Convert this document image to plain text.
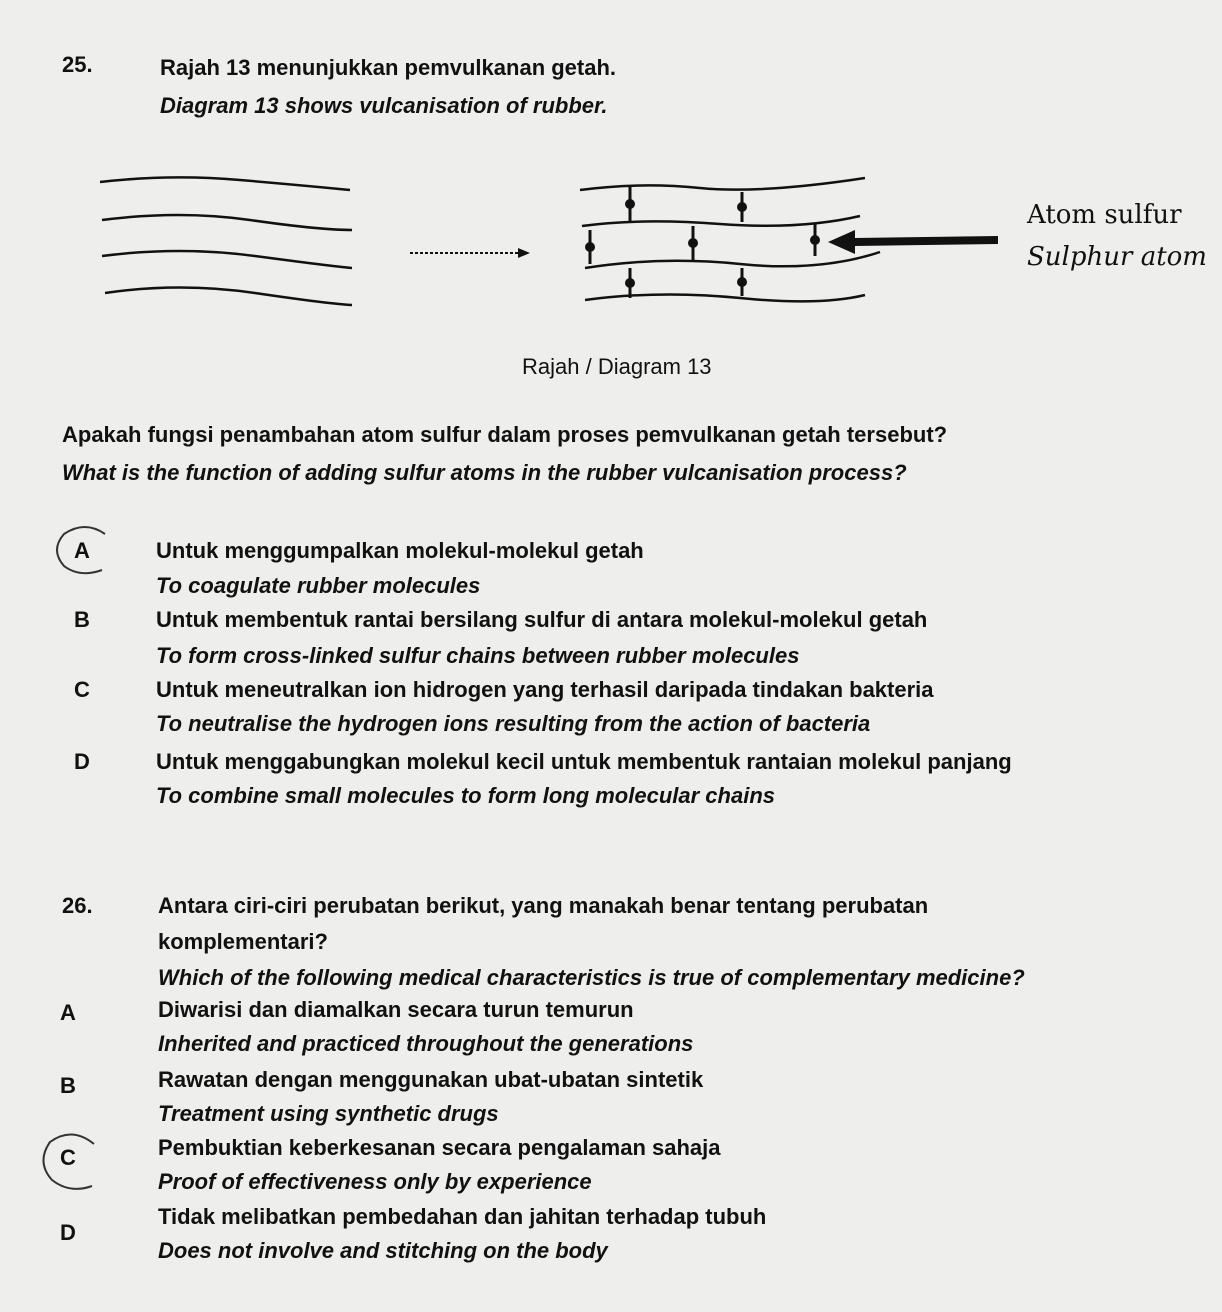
25.	Rajah 13 menunjukkan pemvulkanan getah.
Diagram 13 shows vulcanisation of rubber.
Atom sulfur
Sulphur atom
Rajah / Diagram 13
Apakah fungsi penambahan atom sulfur dalam proses pemvulkanan getah tersebut?
What is the function of adding sulfur atoms in the rubber vulcanisation process?
A	Untuk menggumpalkan molekul-molekul getah
To coagulate rubber molecules
B	Untuk membentuk rantai bersilang sulfur di antara molekul-molekul getah
To form cross-linked sulfur chains between rubber molecules
C	Untuk meneutralkan ion hidrogen yang terhasil daripada tindakan bakteria
To neutralise the hydrogen ions resulting from the action of bacteria
D	Untuk menggabungkan molekul kecil untuk membentuk rantaian molekul panjang
To combine small molecules to form long molecular chains
26.	Antara ciri-ciri perubatan berikut, yang manakah benar tentang perubatan
komplementari?
Which of the following medical characteristics is true of complementary medicine?
A	Diwarisi dan diamalkan secara turun temurun
Inherited and practiced throughout the generations
B	Rawatan dengan menggunakan ubat-ubatan sintetik
Treatment using synthetic drugs
C	Pembuktian keberkesanan secara pengalaman sahaja
Proof of effectiveness only by experience
D
Tidak melibatkan pembedahan dan jahitan terhadap tubuh
Does not involve and stitching on the body
